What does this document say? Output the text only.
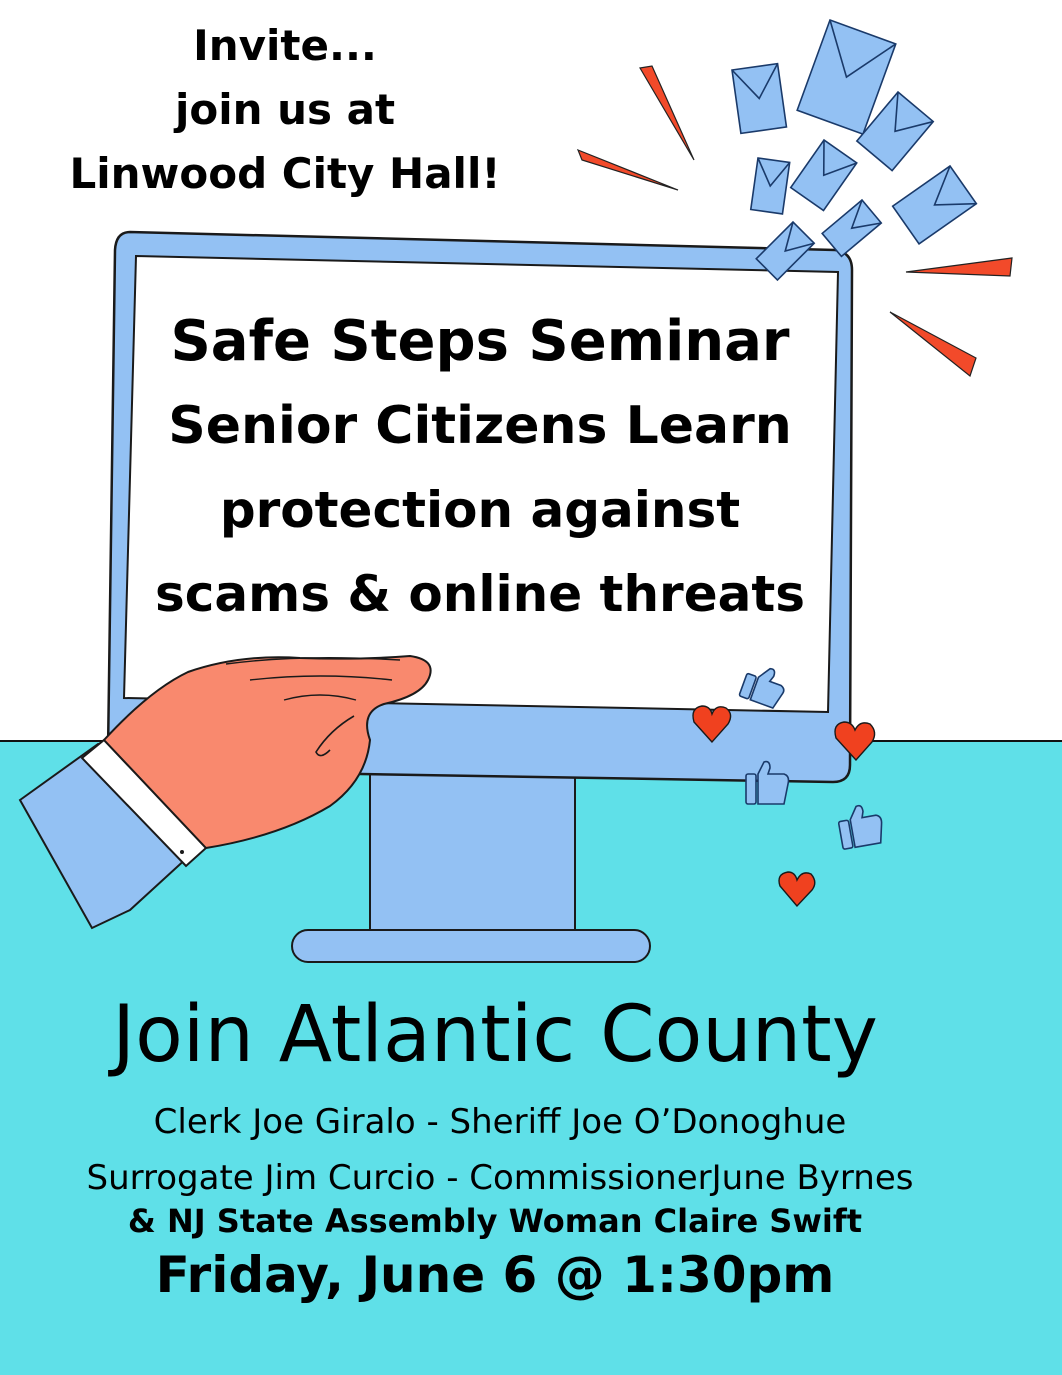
Invite...
join us at
Linwood City Hall!
Safe Steps Seminar
Senior Citizens Learn
protection against
scams & online threats
Join Atlantic County
Clerk Joe Giralo - Sheriff Joe O’Donoghue
Surrogate Jim Curcio - CommissionerJune Byrnes
& NJ State Assembly Woman Claire Swift
Friday, June 6 @ 1:30pm
